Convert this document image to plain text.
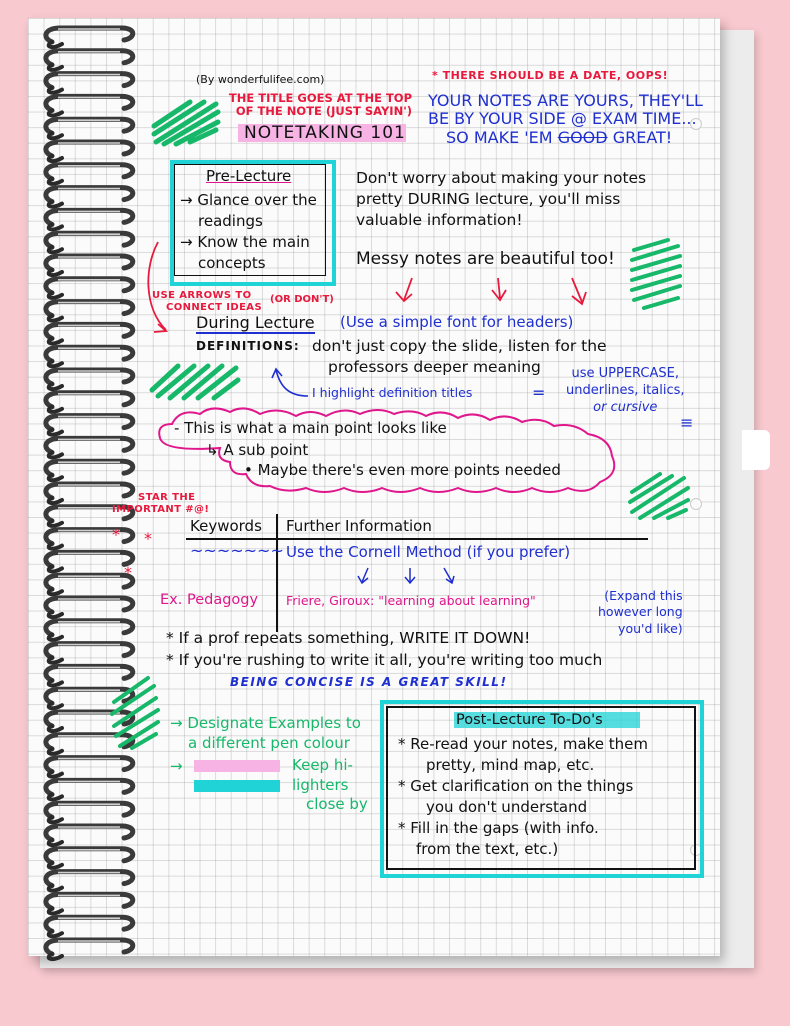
(By wonderfulifee.com)	* THERE SHOULD BE A DATE, OOPS!
THE TITLE GOES AT THE TOP
OF THE NOTE (JUST SAYIN')
NOTETAKING 101
YOUR NOTES ARE YOURS, THEY'LL
BE BY YOUR SIDE @ EXAM TIME...
SO MAKE 'EM GOOD GREAT!
Pre-Lecture
→ Glance over the
readings
→ Know the main
concepts
Don't worry about making your notes
pretty DURING lecture, you'll miss
valuable information!
Messy notes are beautiful too!
*
*
*
USE ARROWS TO
CONNECT IDEAS
(OR DON'T)
During Lecture (Use a simple font for headers)
DEFINITIONS: don't just copy the slide, listen for the
professors deeper meaning
I highlight definition titles	=
use UPPERCASE,
underlines, italics,
or cursive
≡
- This is what a main point looks like
↳ A sub point
• Maybe there's even more points needed
STAR THE
IMPORTANT #@!
Keywords Further Information
~~~~~~~ Use the Cornell Method (if you prefer)
Ex. Pedagogy Friere, Giroux: "learning about learning"	(Expand this
however long
you'd like)
* If a prof repeats something, WRITE IT DOWN!
* If you're rushing to write it all, you're writing too much
BEING CONCISE IS A GREAT SKILL!
→ Designate Examples to
a different pen colour
→	Keep hi-
lighters
close by
Post-Lecture To-Do's
* Re-read your notes, make them
pretty, mind map, etc.
* Get clarification on the things
you don't understand
* Fill in the gaps (with info.
from the text, etc.)
